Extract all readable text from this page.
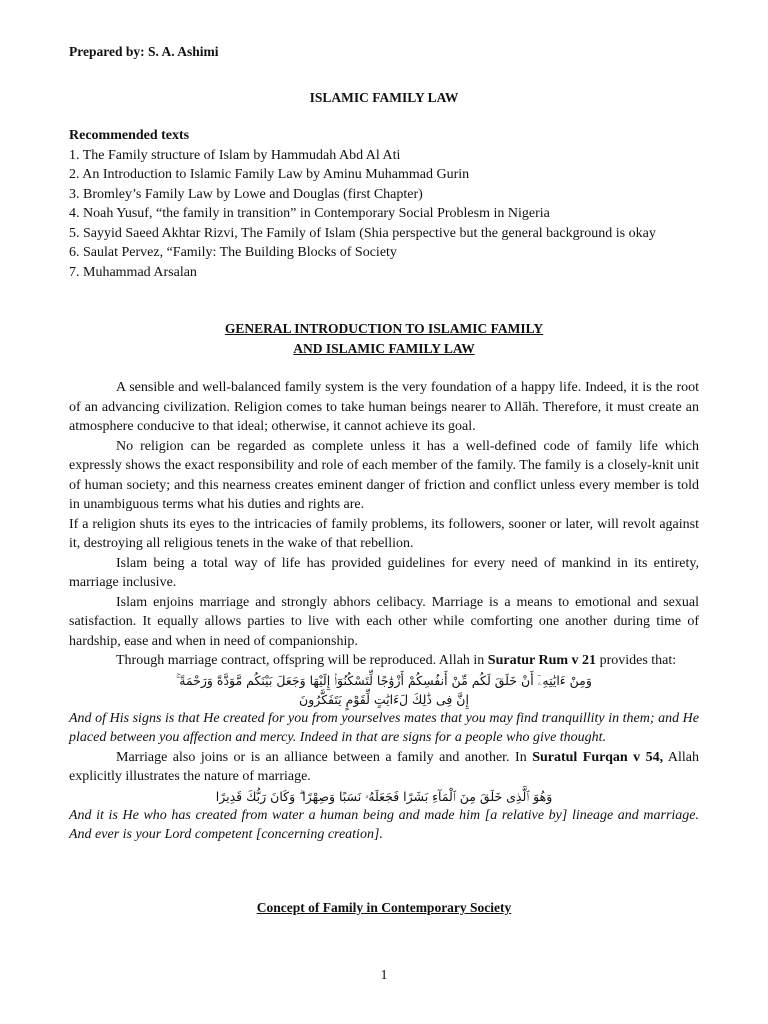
Prepared by: S. A. Ashimi

ISLAMIC FAMILY LAW

Recommended texts

1. The Family structure of Islam by Hammudah Abd Al Ati

2. An Introduction to Islamic Family Law by Aminu Muhammad Gurin

3. Bromley’s Family Law by Lowe and Douglas (first Chapter)

4. Noah Yusuf, “the family in transition” in Contemporary Social Problesm in Nigeria

5. Sayyid Saeed Akhtar Rizvi, The Family of Islam (Shia perspective but the general background is okay

6. Saulat Pervez, “Family: The Building Blocks of Society

7. Muhammad Arsalan

GENERAL INTRODUCTION TO ISLAMIC FAMILY
AND ISLAMIC FAMILY LAW

A sensible and well-balanced family system is the very foundation of a happy life. Indeed, it is the root of an advancing civilization. Religion comes to take human beings nearer to Allāh. Therefore, it must create an atmosphere conducive to that ideal; otherwise, it cannot achieve its goal.

No religion can be regarded as complete unless it has a well-defined code of family life which expressly shows the exact responsibility and role of each member of the family. The family is a closely-knit unit of human society; and this nearness creates eminent danger of friction and conflict unless every member is told in unambiguous terms what his duties and rights are.

If a religion shuts its eyes to the intricacies of family problems, its followers, sooner or later, will revolt against it, destroying all religious tenets in the wake of that rebellion.

Islam being a total way of life has provided guidelines for every need of mankind in its entirety, marriage inclusive.

Islam enjoins marriage and strongly abhors celibacy. Marriage is a means to emotional and sexual satisfaction. It equally allows parties to live with each other while comforting one another during time of hardship, ease and when in need of companionship.

Through marriage contract, offspring will be reproduced. Allah in Suratur Rum v 21 provides that:

وَمِنْ ءَايَٰتِهِۦٓ أَنْ خَلَقَ لَكُم مِّنْ أَنفُسِكُمْ أَزْوَٰجًا لِّتَسْكُنُوٓا۟ إِلَيْهَا وَجَعَلَ بَيْنَكُم مَّوَدَّةً وَرَحْمَةً ۚ

إِنَّ فِى ذَٰلِكَ لَءَايَٰتٍ لِّقَوْمٍ يَتَفَكَّرُونَ

And of His signs is that He created for you from yourselves mates that you may find tranquillity in them; and He placed between you affection and mercy. Indeed in that are signs for a people who give thought.

Marriage also joins or is an alliance between a family and another. In Suratul Furqan v 54, Allah explicitly illustrates the nature of marriage.

وَهُوَ ٱلَّذِى خَلَقَ مِنَ ٱلْمَآءِ بَشَرًا فَجَعَلَهُۥ نَسَبًا وَصِهْرًا ۗ وَكَانَ رَبُّكَ قَدِيرًا

And it is He who has created from water a human being and made him [a relative by] lineage and marriage. And ever is your Lord competent [concerning creation].

Concept of Family in Contemporary Society

1
